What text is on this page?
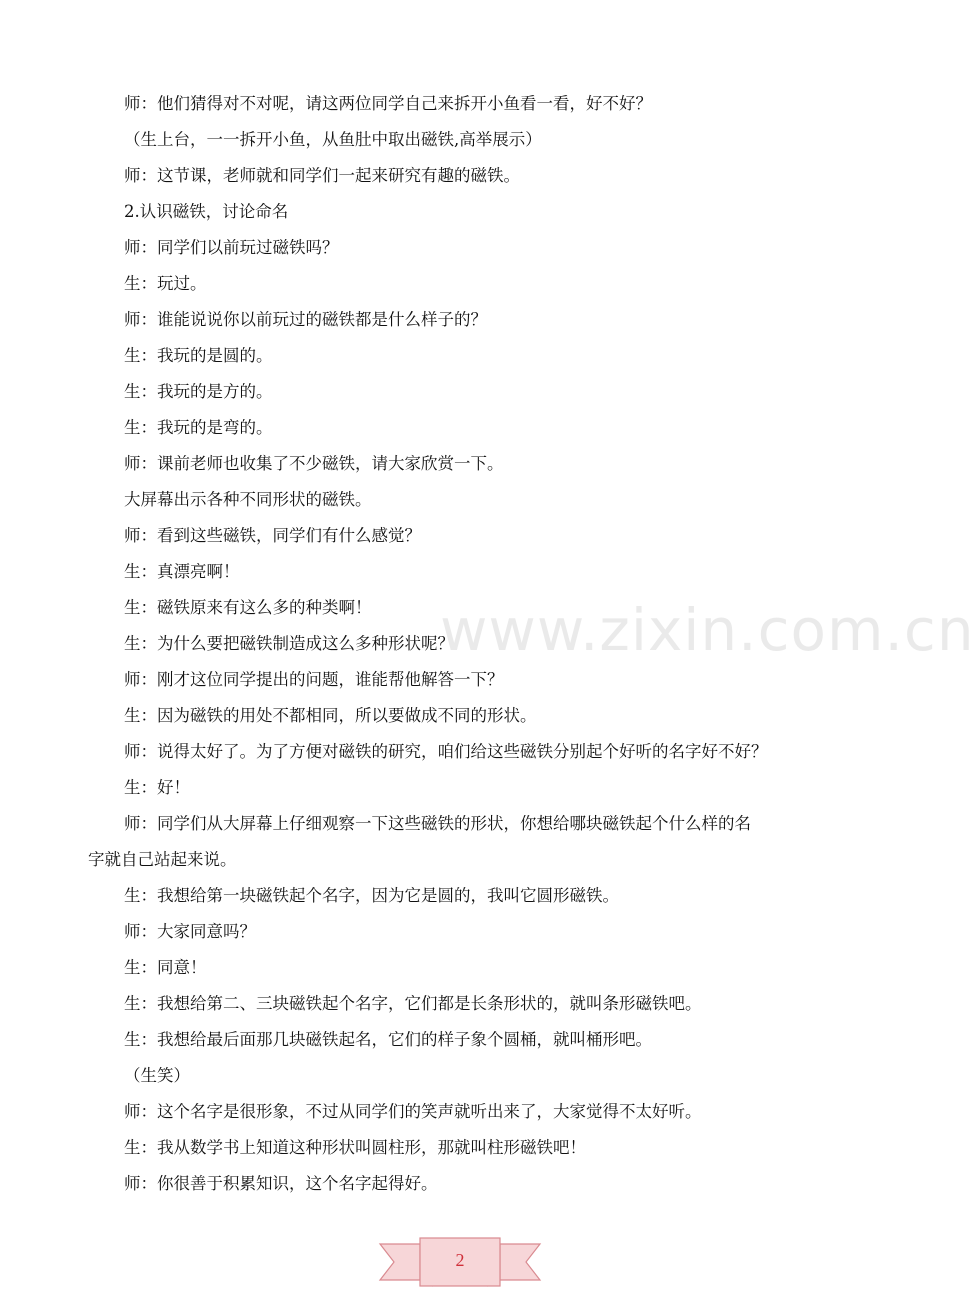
师：他们猜得对不对呢，请这两位同学自己来拆开小鱼看一看，好不好？
（生上台，一一拆开小鱼，从鱼肚中取出磁铁,高举展示）
师：这节课，老师就和同学们一起来研究有趣的磁铁。
2.认识磁铁，讨论命名
师：同学们以前玩过磁铁吗？
生：玩过。
师：谁能说说你以前玩过的磁铁都是什么样子的？
生：我玩的是圆的。
生：我玩的是方的。
生：我玩的是弯的。
师：课前老师也收集了不少磁铁，请大家欣赏一下。
大屏幕出示各种不同形状的磁铁。
师：看到这些磁铁，同学们有什么感觉？
生：真漂亮啊！
生：磁铁原来有这么多的种类啊！
生：为什么要把磁铁制造成这么多种形状呢？
师：刚才这位同学提出的问题，谁能帮他解答一下？
生：因为磁铁的用处不都相同，所以要做成不同的形状。
师：说得太好了。为了方便对磁铁的研究，咱们给这些磁铁分别起个好听的名字好不好？
生：好！
师：同学们从大屏幕上仔细观察一下这些磁铁的形状，你想给哪块磁铁起个什么样的名
字就自己站起来说。
生：我想给第一块磁铁起个名字，因为它是圆的，我叫它圆形磁铁。
师：大家同意吗？
生：同意！
生：我想给第二、三块磁铁起个名字，它们都是长条形状的，就叫条形磁铁吧。
生：我想给最后面那几块磁铁起名，它们的样子象个圆桶，就叫桶形吧。
（生笑）
师：这个名字是很形象，不过从同学们的笑声就听出来了，大家觉得不太好听。
生：我从数学书上知道这种形状叫圆柱形，那就叫柱形磁铁吧！
师：你很善于积累知识，这个名字起得好。
www.zixin.com.cn
2
